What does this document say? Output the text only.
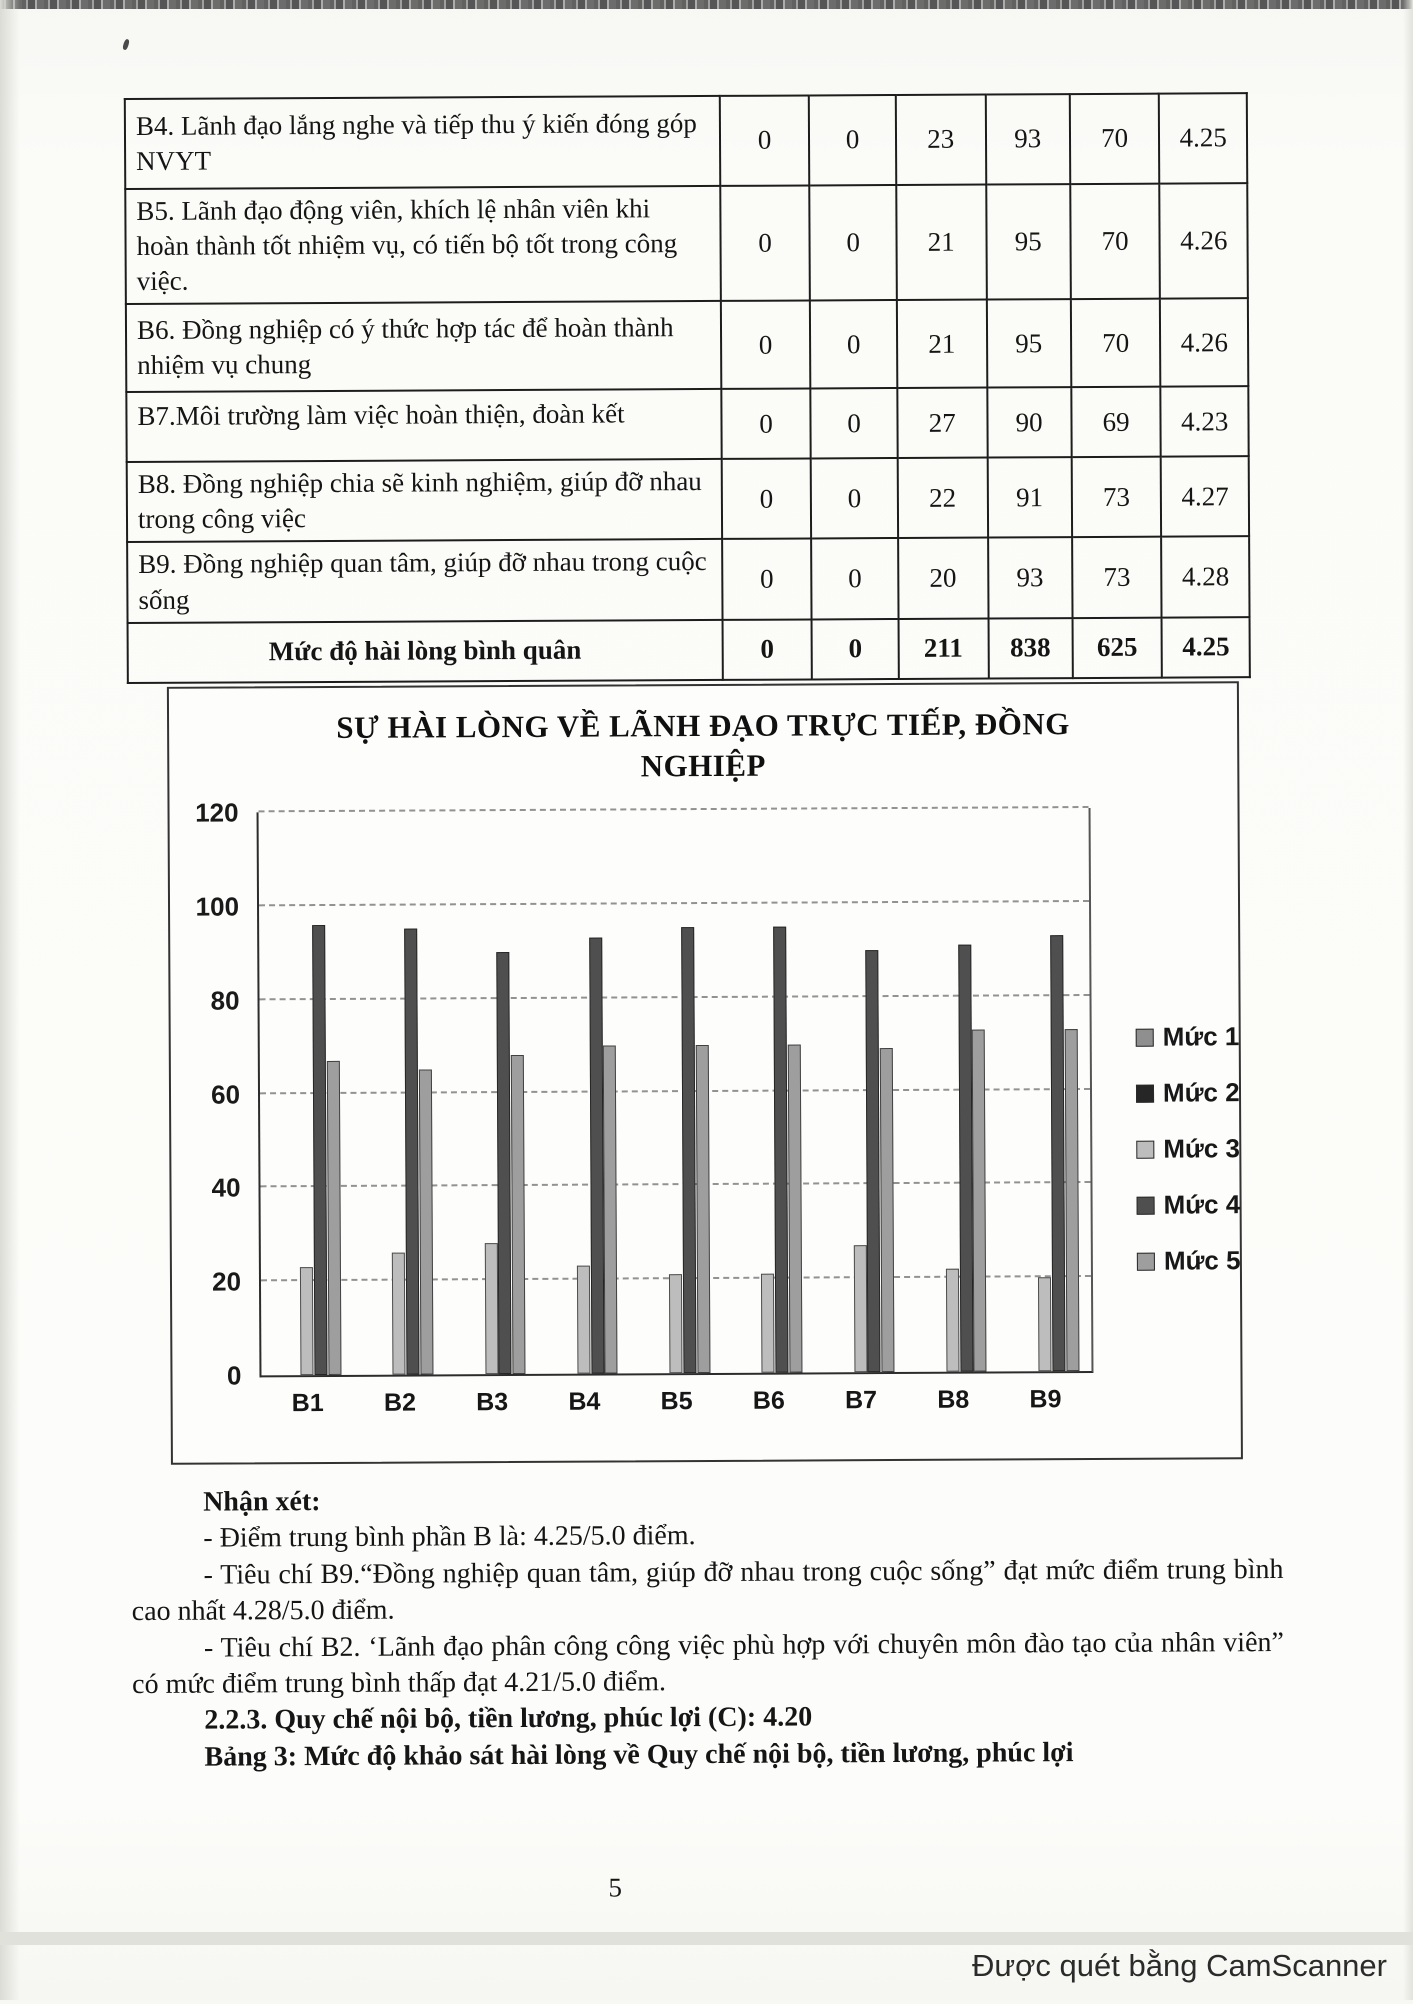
B4. Lãnh đạo lắng nghe và tiếp thu ý kiến đóng góp NVYT	0	0	23	93	70	4.25
B5. Lãnh đạo động viên, khích lệ nhân viên khi hoàn thành tốt nhiệm vụ, có tiến bộ tốt trong công việc.	0	0	21	95	70	4.26
B6. Đồng nghiệp có ý thức hợp tác để hoàn thành nhiệm vụ chung	0	0	21	95	70	4.26
B7.Môi trường làm việc hoàn thiện, đoàn kết	0	0	27	90	69	4.23
B8. Đồng nghiệp chia sẽ kinh nghiệm, giúp đỡ nhau trong công việc	0	0	22	91	73	4.27
B9. Đồng nghiệp quan tâm, giúp đỡ nhau trong cuộc sống	0	0	20	93	73	4.28
Mức độ hài lòng bình quân	0	0	211	838	625	4.25
SỰ HÀI LÒNG VỀ LÃNH ĐẠO TRỰC TIẾP, ĐỒNG NGHIỆP
0
20
40
60
80
100
120
B1	B2	B3	B4	B5	B6	B7	B8	B9
Mức 1
Mức 2
Mức 3
Mức 4
Mức 5

Nhận xét:

- Điểm trung bình phần B là: 4.25/5.0 điểm.

- Tiêu chí B9.“Đồng nghiệp quan tâm, giúp đỡ nhau trong cuộc sống” đạt mức điểm trung bình cao nhất 4.28/5.0 điểm.

- Tiêu chí B2. ‘Lãnh đạo phân công công việc phù hợp với chuyên môn đào tạo của nhân viên” có mức điểm trung bình thấp đạt 4.21/5.0 điểm.

2.2.3. Quy chế nội bộ, tiền lương, phúc lợi (C): 4.20

Bảng 3: Mức độ khảo sát hài lòng về Quy chế nội bộ, tiền lương, phúc lợi

5
Được quét bằng CamScanner
